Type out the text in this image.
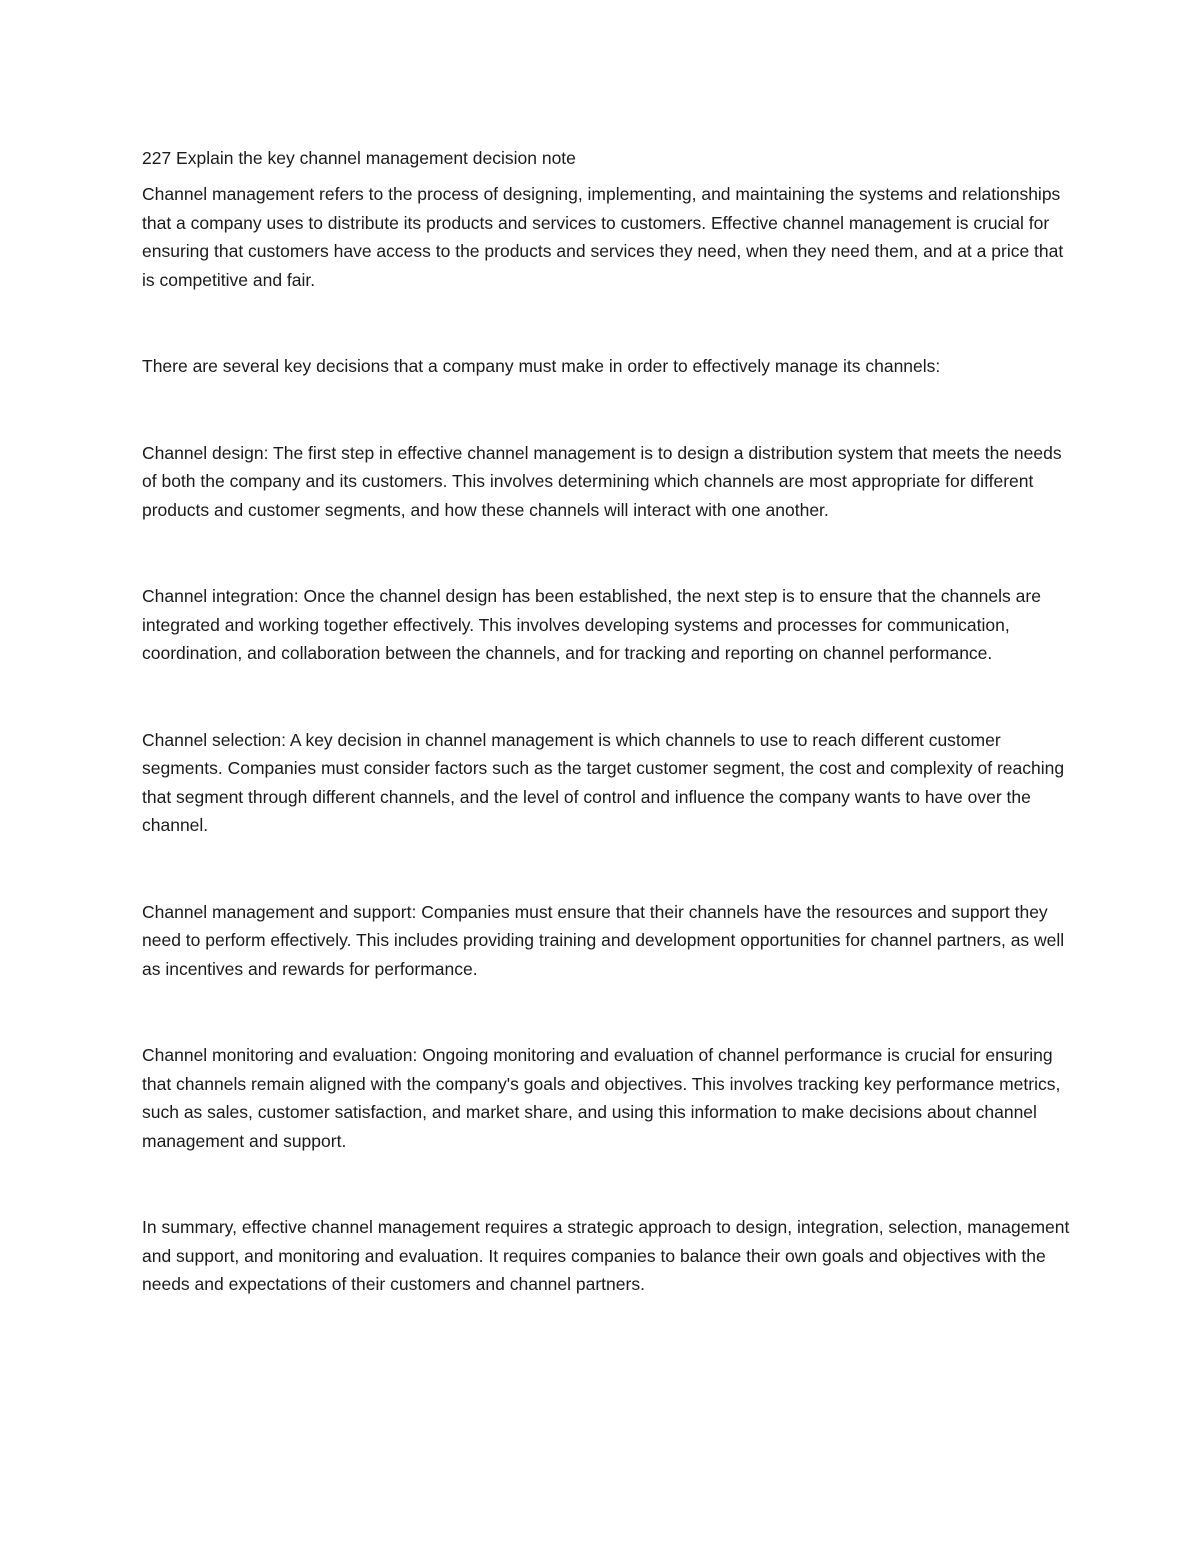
227 Explain the key channel management decision note

Channel management refers to the process of designing, implementing, and maintaining the systems and relationships that a company uses to distribute its products and services to customers. Effective channel management is crucial for ensuring that customers have access to the products and services they need, when they need them, and at a price that is competitive and fair.

There are several key decisions that a company must make in order to effectively manage its channels:

Channel design: The first step in effective channel management is to design a distribution system that meets the needs of both the company and its customers. This involves determining which channels are most appropriate for different products and customer segments, and how these channels will interact with one another.

Channel integration: Once the channel design has been established, the next step is to ensure that the channels are integrated and working together effectively. This involves developing systems and processes for communication, coordination, and collaboration between the channels, and for tracking and reporting on channel performance.

Channel selection: A key decision in channel management is which channels to use to reach different customer segments. Companies must consider factors such as the target customer segment, the cost and complexity of reaching that segment through different channels, and the level of control and influence the company wants to have over the channel.

Channel management and support: Companies must ensure that their channels have the resources and support they need to perform effectively. This includes providing training and development opportunities for channel partners, as well as incentives and rewards for performance.

Channel monitoring and evaluation: Ongoing monitoring and evaluation of channel performance is crucial for ensuring that channels remain aligned with the company's goals and objectives. This involves tracking key performance metrics, such as sales, customer satisfaction, and market share, and using this information to make decisions about channel management and support.

In summary, effective channel management requires a strategic approach to design, integration, selection, management and support, and monitoring and evaluation. It requires companies to balance their own goals and objectives with the needs and expectations of their customers and channel partners.
